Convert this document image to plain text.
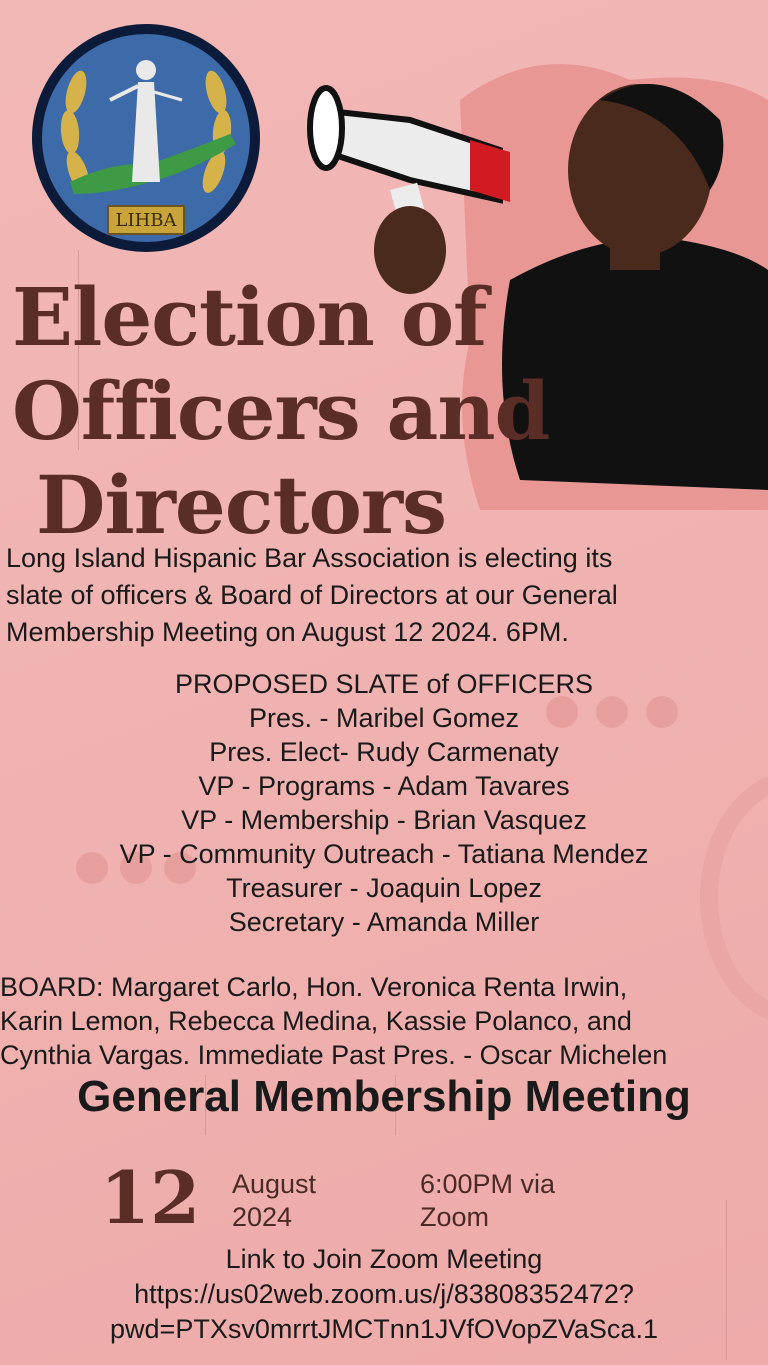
LIHBA
Election of
Officers and
Directors
Long Island Hispanic Bar Association is electing its
slate of officers & Board of Directors at our General
Membership Meeting on August 12 2024. 6PM.
PROPOSED SLATE of OFFICERS
Pres. - Maribel Gomez
Pres. Elect- Rudy Carmenaty
VP - Programs - Adam Tavares
VP - Membership - Brian Vasquez
VP - Community Outreach - Tatiana Mendez
Treasurer - Joaquin Lopez
Secretary - Amanda Miller
BOARD: Margaret Carlo, Hon. Veronica Renta Irwin,
Karin Lemon, Rebecca Medina, Kassie Polanco, and
Cynthia Vargas. Immediate Past Pres. - Oscar Michelen
General Membership Meeting
12 August
2024
6:00PM via
Zoom
Link to Join Zoom Meeting
https://us02web.zoom.us/j/83808352472?
pwd=PTXsv0mrrtJMCTnn1JVfOVopZVaSca.1
